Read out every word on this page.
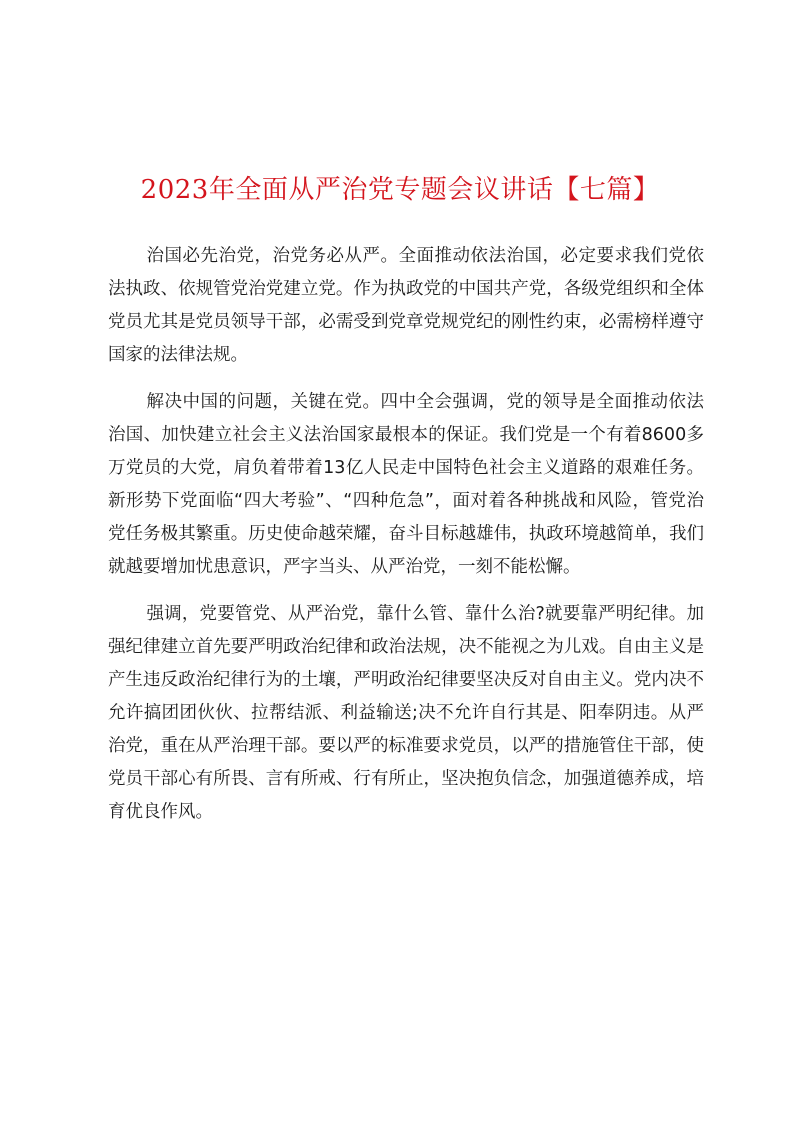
2023年全面从严治党专题会议讲话【七篇】

治国必先治党，治党务必从严。全面推动依法治国，必定要求我们党依法执政、依规管党治党建立党。作为执政党的中国共产党，各级党组织和全体党员尤其是党员领导干部，必需受到党章党规党纪的刚性约束，必需榜样遵守国家的法律法规。

解决中国的问题，关键在党。四中全会强调，党的领导是全面推动依法治国、加快建立社会主义法治国家最根本的保证。我们党是一个有着8600多万党员的大党，肩负着带着13亿人民走中国特色社会主义道路的艰难任务。新形势下党面临“四大考验”、“四种危急”，面对着各种挑战和风险，管党治党任务极其繁重。历史使命越荣耀，奋斗目标越雄伟，执政环境越简单，我们就越要增加忧患意识，严字当头、从严治党，一刻不能松懈。

强调，党要管党、从严治党，靠什么管、靠什么治?就要靠严明纪律。加强纪律建立首先要严明政治纪律和政治法规，决不能视之为儿戏。自由主义是产生违反政治纪律行为的土壤，严明政治纪律要坚决反对自由主义。党内决不允许搞团团伙伙、拉帮结派、利益输送;决不允许自行其是、阳奉阴违。从严治党，重在从严治理干部。要以严的标准要求党员，以严的措施管住干部，使党员干部心有所畏、言有所戒、行有所止，坚决抱负信念，加强道德养成，培育优良作风。
